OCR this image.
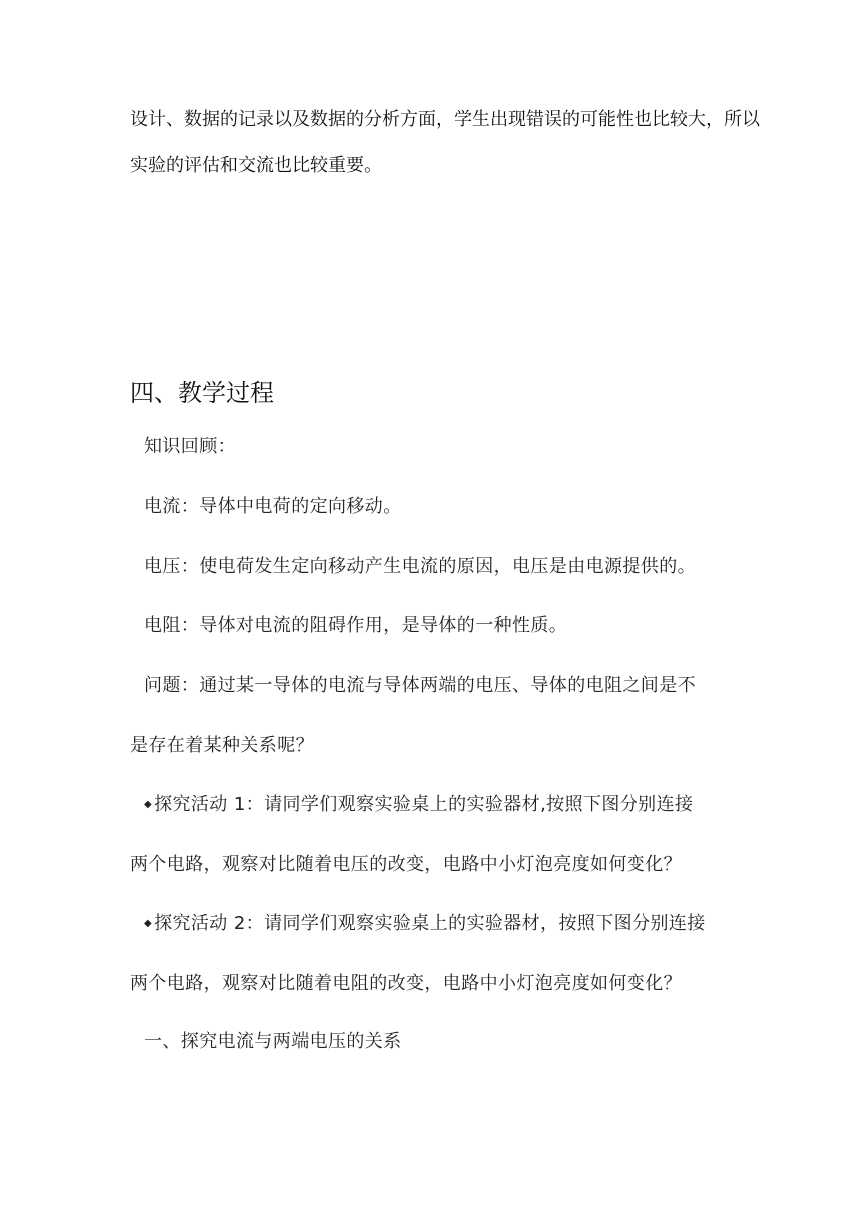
设计、数据的记录以及数据的分析方面，学生出现错误的可能性也比较大，所以
实验的评估和交流也比较重要。
四、教学过程
知识回顾：
电流：导体中电荷的定向移动。
电压：使电荷发生定向移动产生电流的原因，电压是由电源提供的。
电阻：导体对电流的阻碍作用，是导体的一种性质。
问题：通过某一导体的电流与导体两端的电压、导体的电阻之间是不
是存在着某种关系呢？
◆ 探究活动 1：请同学们观察实验桌上的实验器材,按照下图分别连接
两个电路，观察对比随着电压的改变，电路中小灯泡亮度如何变化？
◆ 探究活动 2：请同学们观察实验桌上的实验器材，按照下图分别连接
两个电路，观察对比随着电阻的改变，电路中小灯泡亮度如何变化？
一、探究电流与两端电压的关系
